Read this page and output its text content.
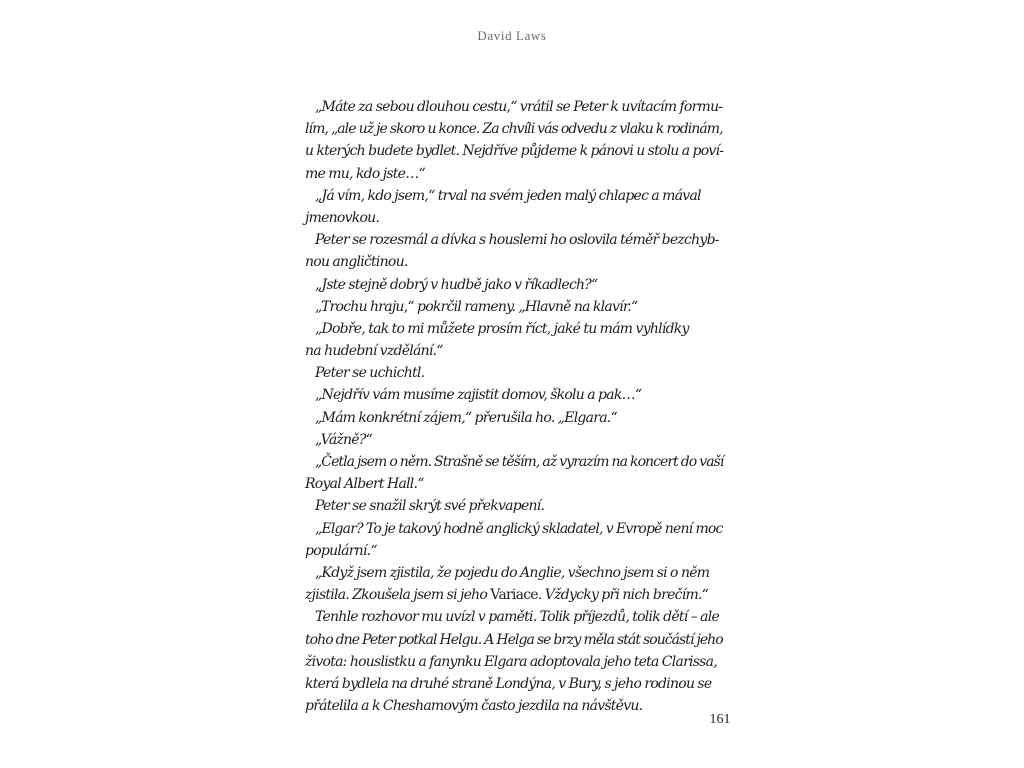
David Laws
„Máte za sebou dlouhou cestu,“ vrátil se Peter k uvítacím formu-
lím, „ale už je skoro u konce. Za chvíli vás odvedu z vlaku k rodinám,
u kterých budete bydlet. Nejdříve půjdeme k pánovi u stolu a poví-
me mu, kdo jste…“
„Já vím, kdo jsem,“ trval na svém jeden malý chlapec a mával
jmenovkou.
Peter se rozesmál a dívka s houslemi ho oslovila téměř bezchyb-
nou angličtinou.
„Jste stejně dobrý v hudbě jako v říkadlech?“
„Trochu hraju,“ pokrčil rameny. „Hlavně na klavír.“
„Dobře, tak to mi můžete prosím říct, jaké tu mám vyhlídky
na hudební vzdělání.“
Peter se uchichtl.
„Nejdřív vám musíme zajistit domov, školu a pak…“
„Mám konkrétní zájem,“ přerušila ho. „Elgara.“
„Vážně?“
„Četla jsem o něm. Strašně se těším, až vyrazím na koncert do vaší
Royal Albert Hall.“
Peter se snažil skrýt své překvapení.
„Elgar? To je takový hodně anglický skladatel, v Evropě není moc
populární.“
„Když jsem zjistila, že pojedu do Anglie, všechno jsem si o něm
zjistila. Zkoušela jsem si jeho Variace. Vždycky při nich brečím.“
Tenhle rozhovor mu uvízl v paměti. Tolik příjezdů, tolik dětí – ale
toho dne Peter potkal Helgu. A Helga se brzy měla stát součástí jeho
života: houslistku a fanynku Elgara adoptovala jeho teta Clarissa,
která bydlela na druhé straně Londýna, v Bury, s jeho rodinou se
přátelila a k Cheshamovým často jezdila na návštěvu.
161
